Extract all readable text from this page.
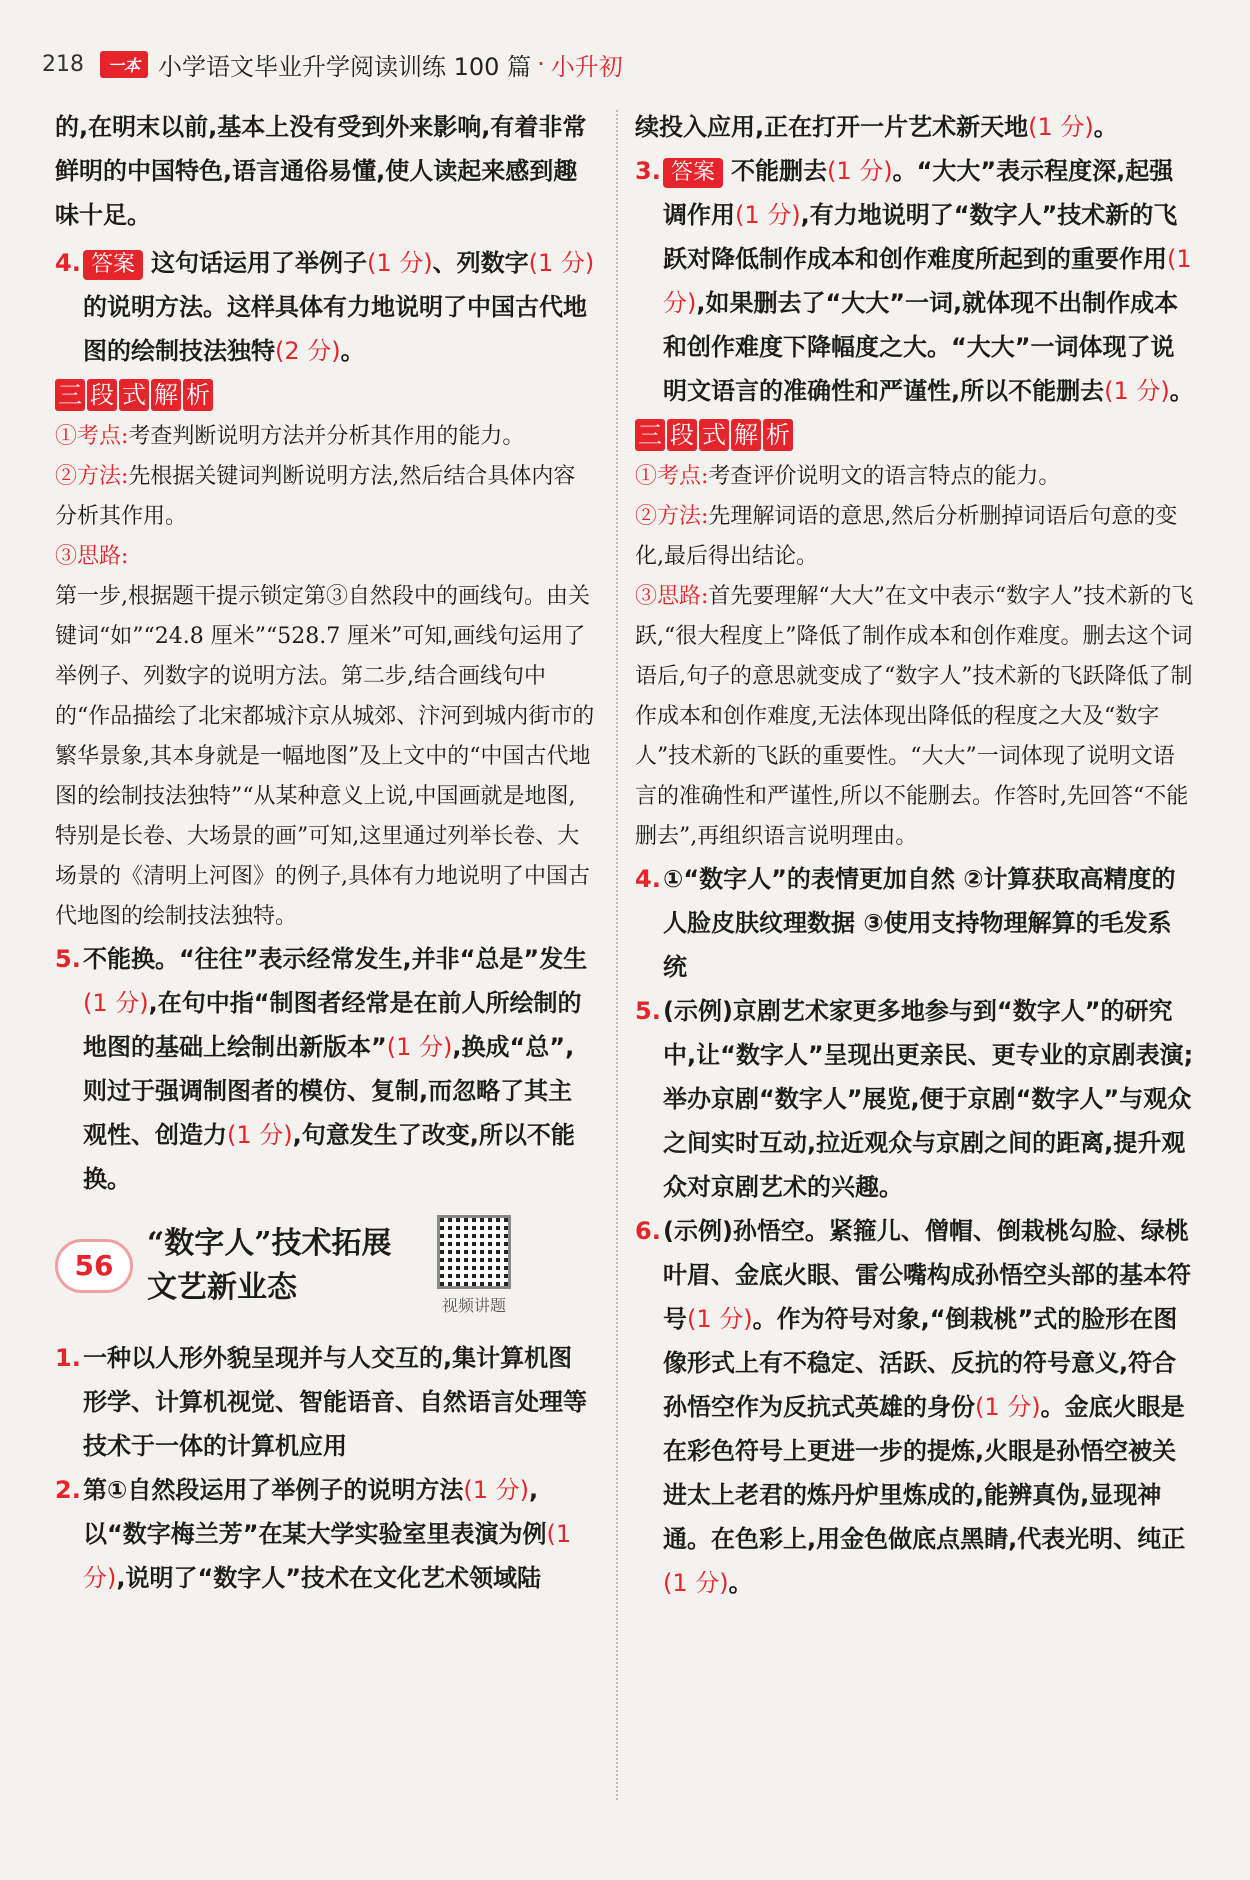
218	一本 小学语文毕业升学阅读训练 100 篇 · 小升初

的,在明末以前,基本上没有受到外来影响,有着非常鲜明的中国特色,语言通俗易懂,使人读起来感到趣味十足。

4. 答案 这句话运用了举例子(1 分)、列数字(1 分)的说明方法。这样具体有力地说明了中国古代地图的绘制技法独特(2 分)。
三 段 式 解 析

①考点:考查判断说明方法并分析其作用的能力。

②方法:先根据关键词判断说明方法,然后结合具体内容分析其作用。

③思路:

第一步,根据题干提示锁定第③自然段中的画线句。由关键词“如”“24.8 厘米”“528.7 厘米”可知,画线句运用了举例子、列数字的说明方法。第二步,结合画线句中的“作品描绘了北宋都城汴京从城郊、汴河到城内街市的繁华景象,其本身就是一幅地图”及上文中的“中国古代地图的绘制技法独特”“从某种意义上说,中国画就是地图,特别是长卷、大场景的画”可知,这里通过列举长卷、大场景的《清明上河图》的例子,具体有力地说明了中国古代地图的绘制技法独特。

5. 不能换。“往往”表示经常发生,并非“总是”发生(1 分),在句中指“制图者经常是在前人所绘制的地图的基础上绘制出新版本”(1 分),换成“总”,则过于强调制图者的模仿、复制,而忽略了其主观性、创造力(1 分),句意发生了改变,所以不能换。
56
“数字人”技术拓展文艺新业态
视频讲题
1. 一种以人形外貌呈现并与人交互的,集计算机图形学、计算机视觉、智能语音、自然语言处理等技术于一体的计算机应用
2. 第①自然段运用了举例子的说明方法(1 分),以“数字梅兰芳”在某大学实验室里表演为例(1 分),说明了“数字人”技术在文化艺术领域陆

续投入应用,正在打开一片艺术新天地(1 分)。

3. 答案 不能删去(1 分)。“大大”表示程度深,起强调作用(1 分),有力地说明了“数字人”技术新的飞跃对降低制作成本和创作难度所起到的重要作用(1 分),如果删去了“大大”一词,就体现不出制作成本和创作难度下降幅度之大。“大大”一词体现了说明文语言的准确性和严谨性,所以不能删去(1 分)。
三 段 式 解 析

①考点:考查评价说明文的语言特点的能力。

②方法:先理解词语的意思,然后分析删掉词语后句意的变化,最后得出结论。

③思路:首先要理解“大大”在文中表示“数字人”技术新的飞跃,“很大程度上”降低了制作成本和创作难度。删去这个词语后,句子的意思就变成了“数字人”技术新的飞跃降低了制作成本和创作难度,无法体现出降低的程度之大及“数字人”技术新的飞跃的重要性。“大大”一词体现了说明文语言的准确性和严谨性,所以不能删去。作答时,先回答“不能删去”,再组织语言说明理由。

4. ①“数字人”的表情更加自然 ②计算获取高精度的人脸皮肤纹理数据 ③使用支持物理解算的毛发系统
5. (示例)京剧艺术家更多地参与到“数字人”的研究中,让“数字人”呈现出更亲民、更专业的京剧表演;举办京剧“数字人”展览,便于京剧“数字人”与观众之间实时互动,拉近观众与京剧之间的距离,提升观众对京剧艺术的兴趣。
6. (示例)孙悟空。紧箍儿、僧帽、倒栽桃勾脸、绿桃叶眉、金底火眼、雷公嘴构成孙悟空头部的基本符号(1 分)。作为符号对象,“倒栽桃”式的脸形在图像形式上有不稳定、活跃、反抗的符号意义,符合孙悟空作为反抗式英雄的身份(1 分)。金底火眼是在彩色符号上更进一步的提炼,火眼是孙悟空被关进太上老君的炼丹炉里炼成的,能辨真伪,显现神通。在色彩上,用金色做底点黑睛,代表光明、纯正(1 分)。
